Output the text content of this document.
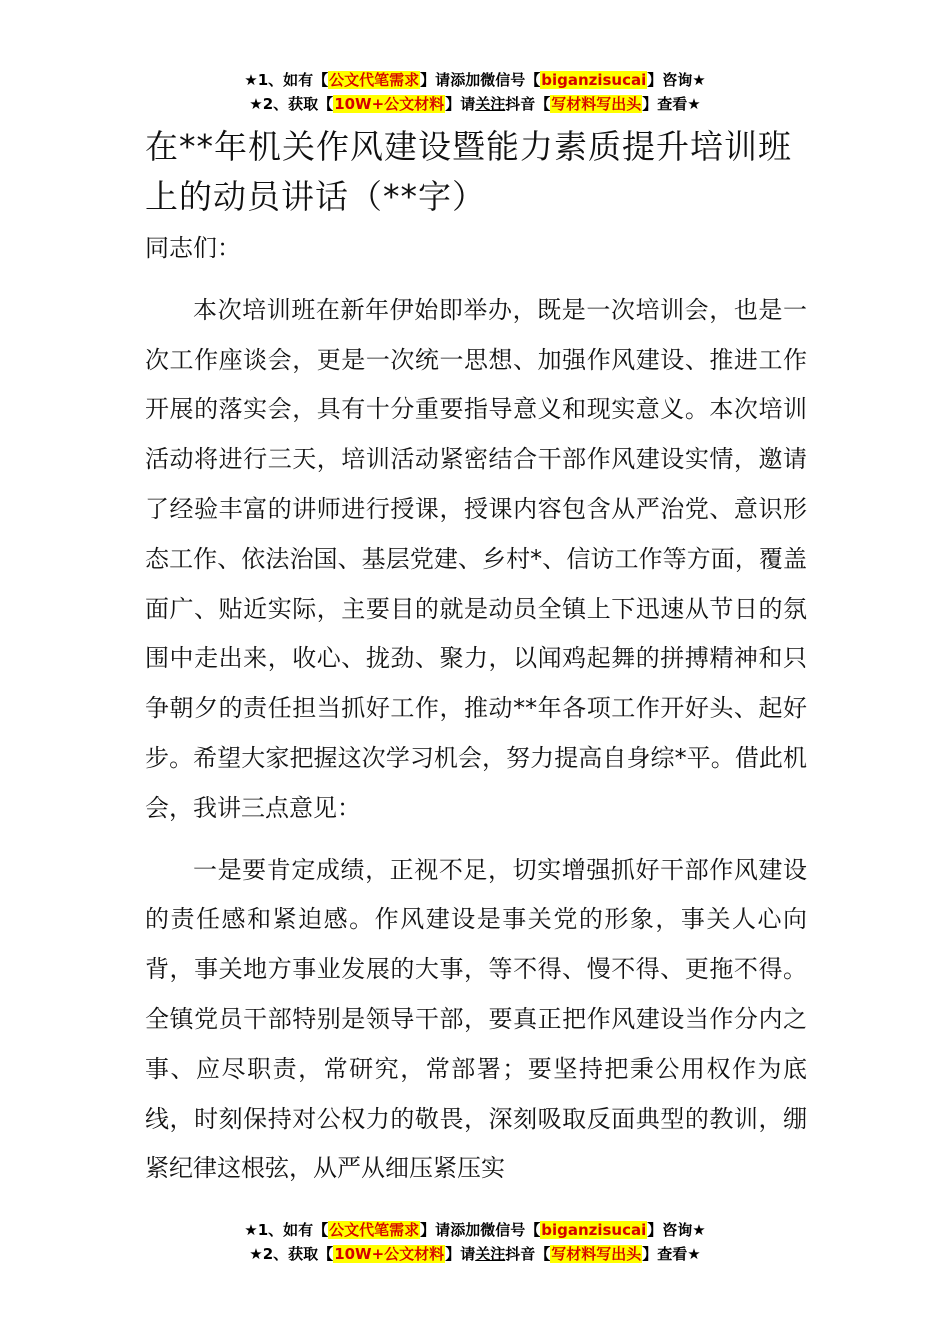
★1、如有【公文代笔需求】请添加微信号【biganzisucai】咨询★
★2、获取【10W+公文材料】请关注抖音【写材料写出头】查看★
在**年机关作风建设暨能力素质提升培训班上的动员讲话（**字）

同志们：

本次培训班在新年伊始即举办，既是一次培训会，也是一次工作座谈会，更是一次统一思想、加强作风建设、推进工作开展的落实会，具有十分重要指导意义和现实意义。本次培训活动将进行三天，培训活动紧密结合干部作风建设实情，邀请了经验丰富的讲师进行授课，授课内容包含从严治党、意识形态工作、依法治国、基层党建、乡村*、信访工作等方面，覆盖面广、贴近实际，主要目的就是动员全镇上下迅速从节日的氛围中走出来，收心、拢劲、聚力，以闻鸡起舞的拼搏精神和只争朝夕的责任担当抓好工作，推动**年各项工作开好头、起好步。希望大家把握这次学习机会，努力提高自身综*平。借此机会，我讲三点意见：

一是要肯定成绩，正视不足，切实增强抓好干部作风建设的责任感和紧迫感。作风建设是事关党的形象，事关人心向背，事关地方事业发展的大事，等不得、慢不得、更拖不得。全镇党员干部特别是领导干部，要真正把作风建设当作分内之事、应尽职责，常研究，常部署；要坚持把秉公用权作为底线，时刻保持对公权力的敬畏，深刻吸取反面典型的教训，绷紧纪律这根弦，从严从细压紧压实

★1、如有【公文代笔需求】请添加微信号【biganzisucai】咨询★
★2、获取【10W+公文材料】请关注抖音【写材料写出头】查看★
